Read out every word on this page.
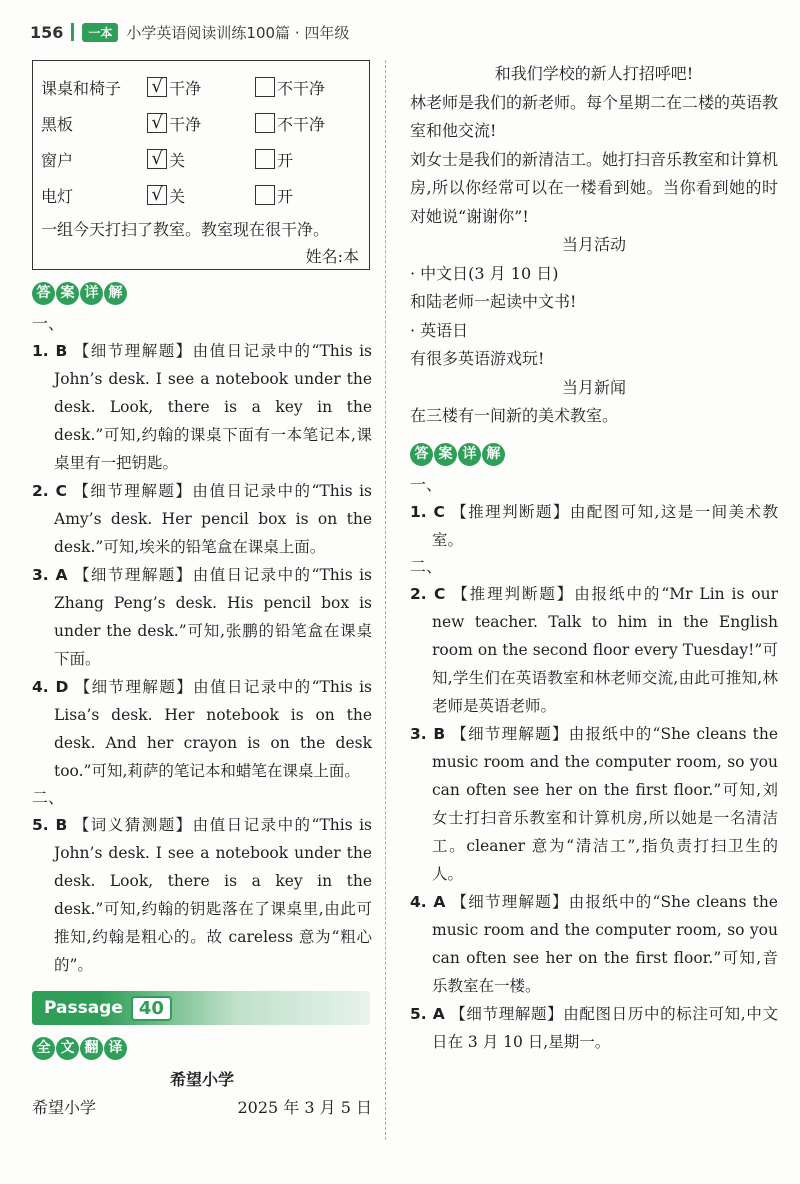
156	一本 小学英语阅读训练100篇 · 四年级
课桌和椅子	√ 干净	不干净
黑板	√ 干净	不干净
窗户	√ 关	开
电灯	√ 关	开
一组今天打扫了教室。教室现在很干净。
姓名:本
答 案 详 解
一、
1. B 【细节理解题】由值日记录中的“This is John’s desk. I see a notebook under the desk. Look, there is a key in the desk.”可知,约翰的课桌下面有一本笔记本,课桌里有一把钥匙。
2. C 【细节理解题】由值日记录中的“This is Amy’s desk. Her pencil box is on the desk.”可知,埃米的铅笔盒在课桌上面。
3. A 【细节理解题】由值日记录中的“This is Zhang Peng’s desk. His pencil box is under the desk.”可知,张鹏的铅笔盒在课桌下面。
4. D 【细节理解题】由值日记录中的“This is Lisa’s desk. Her notebook is on the desk. And her crayon is on the desk too.”可知,莉萨的笔记本和蜡笔在课桌上面。
二、
5. B 【词义猜测题】由值日记录中的“This is John’s desk. I see a notebook under the desk. Look, there is a key in the desk.”可知,约翰的钥匙落在了课桌里,由此可推知,约翰是粗心的。故 careless 意为“粗心的”。
Passage 40
全 文 翻 译
希望小学
希望小学	2025 年 3 月 5 日
和我们学校的新人打招呼吧!
林老师是我们的新老师。每个星期二在二楼的英语教室和他交流!
刘女士是我们的新清洁工。她打扫音乐教室和计算机房,所以你经常可以在一楼看到她。当你看到她的时对她说“谢谢你”!
当月活动
· 中文日(3 月 10 日)
和陆老师一起读中文书!
· 英语日
有很多英语游戏玩!
当月新闻
在三楼有一间新的美术教室。
答 案 详 解
一、
1. C 【推理判断题】由配图可知,这是一间美术教室。
二、
2. C 【推理判断题】由报纸中的“Mr Lin is our new teacher. Talk to him in the English room on the second floor every Tuesday!”可知,学生们在英语教室和林老师交流,由此可推知,林老师是英语老师。
3. B 【细节理解题】由报纸中的“She cleans the music room and the computer room, so you can often see her on the first floor.”可知,刘女士打扫音乐教室和计算机房,所以她是一名清洁工。cleaner 意为“清洁工”,指负责打扫卫生的人。
4. A 【细节理解题】由报纸中的“She cleans the music room and the computer room, so you can often see her on the first floor.”可知,音乐教室在一楼。
5. A 【细节理解题】由配图日历中的标注可知,中文日在 3 月 10 日,星期一。
